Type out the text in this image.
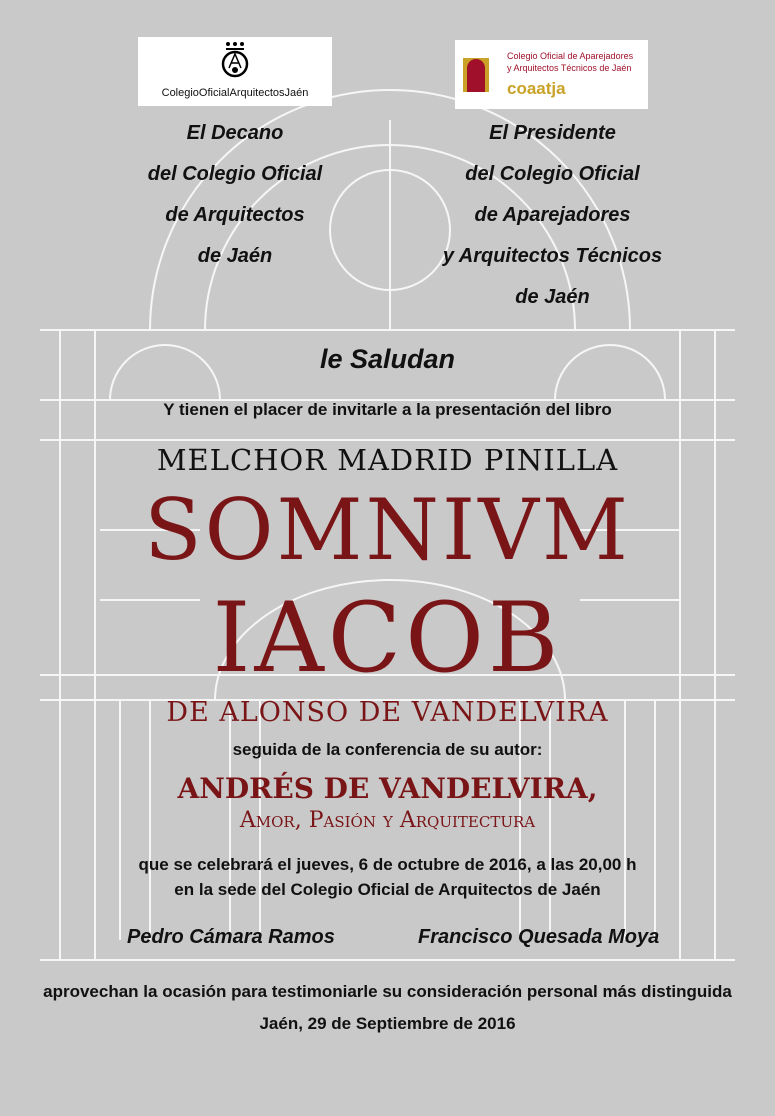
ColegioOficialArquitectosJaén
Colegio Oficial de Aparejadores
y Arquitectos Técnicos de Jaén
coaatja
El Decano
del Colegio Oficial
de Arquitectos
de Jaén
El Presidente
del Colegio Oficial
de Aparejadores
y Arquitectos Técnicos
de Jaén
le Saludan
Y tienen el placer de invitarle a la presentación del libro
MELCHOR MADRID PINILLA
SOMNIVM
IACOB
DE ALONSO DE VANDELVIRA
seguida de la conferencia de su autor:
ANDRÉS DE VANDELVIRA,
Amor, Pasión y Arquitectura
que se celebrará el jueves, 6 de octubre de 2016, a las 20,00 h
en la sede del Colegio Oficial de Arquitectos de Jaén
Pedro Cámara Ramos	Francisco Quesada Moya
aprovechan la ocasión para testimoniarle su consideración personal más distinguida
Jaén, 29 de Septiembre de 2016
